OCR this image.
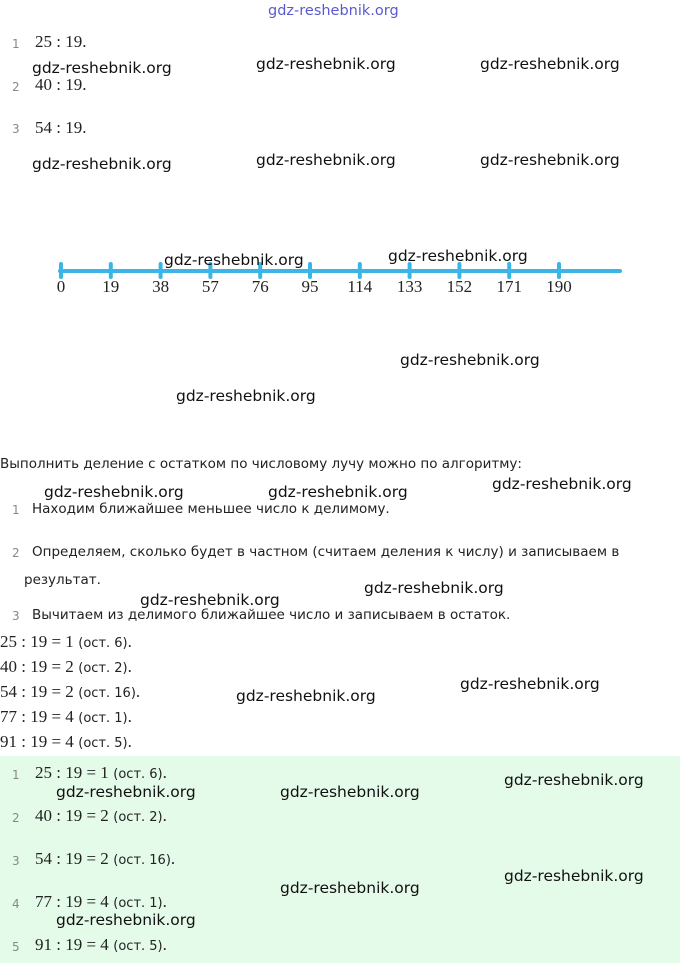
gdz-reshebnik.org
1 25 : 19.
2 40 : 19.
3 54 : 19.
0 19 38 57 76 95 114 133 152 171 190
Выполнить деление с остатком по числовому лучу можно по алгоритму:
1 Находим ближайшее меньшее число к делимому.
2 Определяем, сколько будет в частном (считаем деления к числу) и записываем в
результат.
3 Вычитаем из делимого ближайшее число и записываем в остаток.
25 : 19 = 1 (ост. 6).
40 : 19 = 2 (ост. 2).
54 : 19 = 2 (ост. 16).
77 : 19 = 4 (ост. 1).
91 : 19 = 4 (ост. 5).
1 25 : 19 = 1 (ост. 6).
2 40 : 19 = 2 (ост. 2).
3 54 : 19 = 2 (ост. 16).
4 77 : 19 = 4 (ост. 1).
5 91 : 19 = 4 (ост. 5).
gdz-reshebnik.org	gdz-reshebnik.org	gdz-reshebnik.org
gdz-reshebnik.org	gdz-reshebnik.org	gdz-reshebnik.org
gdz-reshebnik.org	gdz-reshebnik.org
gdz-reshebnik.org
gdz-reshebnik.org
gdz-reshebnik.org	gdz-reshebnik.org	gdz-reshebnik.org
gdz-reshebnik.org
gdz-reshebnik.org
gdz-reshebnik.org
gdz-reshebnik.org
gdz-reshebnik.org
gdz-reshebnik.org	gdz-reshebnik.org
gdz-reshebnik.org
gdz-reshebnik.org
gdz-reshebnik.org
